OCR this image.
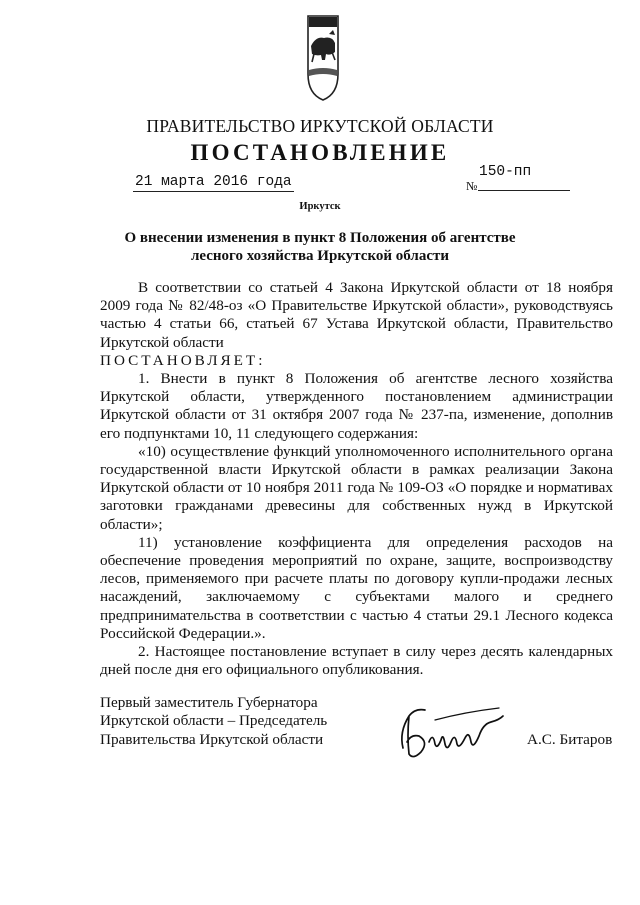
ПРАВИТЕЛЬСТВО ИРКУТСКОЙ ОБЛАСТИ
ПОСТАНОВЛЕНИЕ
21 марта 2016 года
150-пп
№
Иркутск
О внесении изменения в пункт 8 Положения об агентстве лесного хозяйства Иркутской области

В соответствии со статьей 4 Закона Иркутской области от 18 ноября 2009 года № 82/48-оз «О Правительстве Иркутской области», руководствуясь частью 4 статьи 66, статьей 67 Устава Иркутской области, Правительство Иркутской области

ПОСТАНОВЛЯЕТ:

1. Внести в пункт 8 Положения об агентстве лесного хозяйства Иркутской области, утвержденного постановлением администрации Иркутской области от 31 октября 2007 года № 237-па, изменение, дополнив его подпунктами 10, 11 следующего содержания:

«10) осуществление функций уполномоченного исполнительного органа государственной власти Иркутской области в рамках реализации Закона Иркутской области от 10 ноября 2011 года № 109-ОЗ «О порядке и нормативах заготовки гражданами древесины для собственных нужд в Иркутской области»;

11) установление коэффициента для определения расходов на обеспечение проведения мероприятий по охране, защите, воспроизводству лесов, применяемого при расчете платы по договору купли-продажи лесных насаждений, заключаемому с субъектами малого и среднего предпринимательства в соответствии с частью 4 статьи 29.1 Лесного кодекса Российской Федерации.».

2. Настоящее постановление вступает в силу через десять календарных дней после дня его официального опубликования.

Первый заместитель Губернатора
Иркутской области – Председатель
Правительства Иркутской области	А.С. Битаров
